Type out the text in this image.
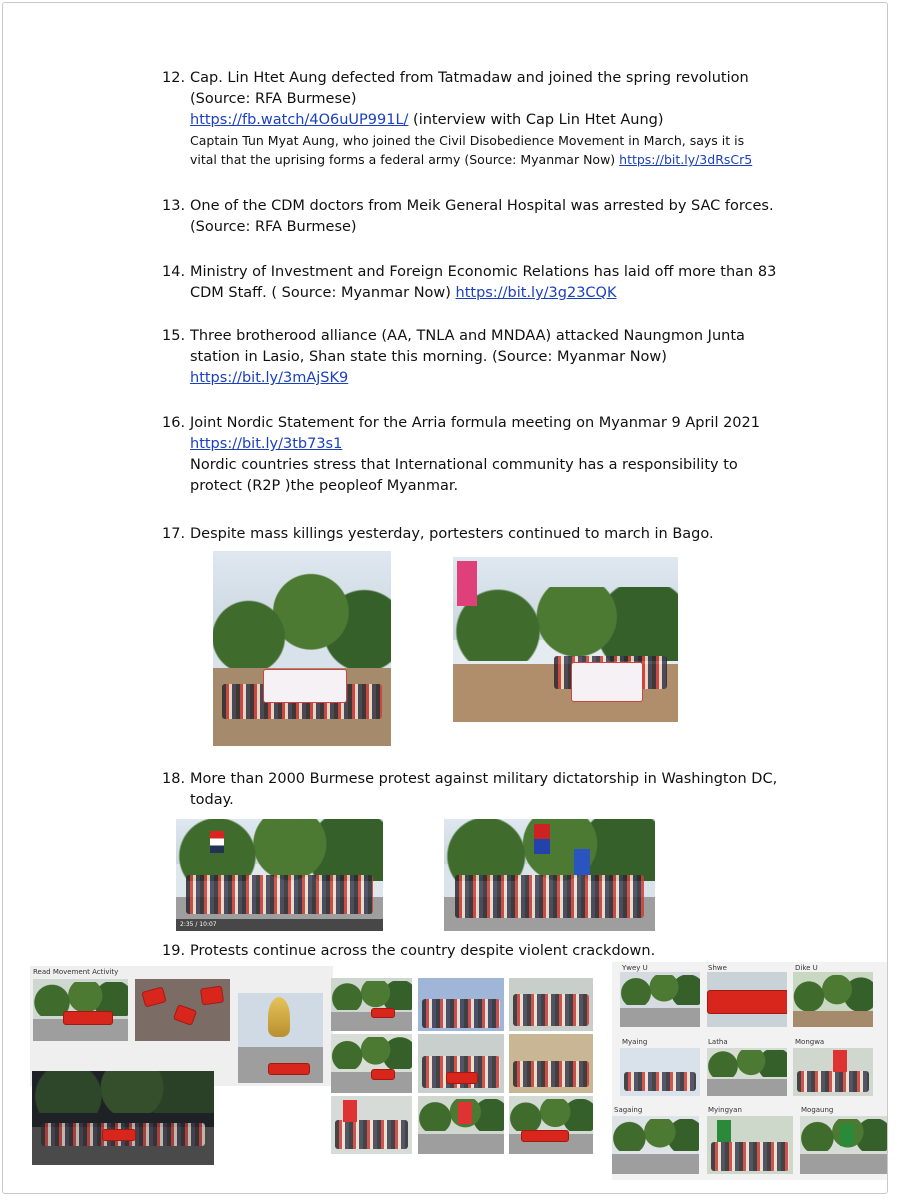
12. Cap. Lin Htet Aung defected from Tatmadaw and joined the spring revolution
(Source: RFA Burmese)
https://fb.watch/4O6uUP991L/ (interview with Cap Lin Htet Aung)
Captain Tun Myat Aung, who joined the Civil Disobedience Movement in March, says it is
vital that the uprising forms a federal army (Source: Myanmar Now) https://bit.ly/3dRsCr5
13. One of the CDM doctors from Meik General Hospital was arrested by SAC forces.
(Source: RFA Burmese)
14. Ministry of Investment and Foreign Economic Relations has laid off more than 83
CDM Staff. ( Source: Myanmar Now) https://bit.ly/3g23CQK
15. Three brotherood alliance (AA, TNLA and MNDAA) attacked Naungmon Junta
station in Lasio, Shan state this morning. (Source: Myanmar Now)
https://bit.ly/3mAjSK9
16. Joint Nordic Statement for the Arria formula meeting on Myanmar 9 April 2021
https://bit.ly/3tb73s1
Nordic countries stress that International community has a responsibility to
protect (R2P )the peopleof Myanmar.
17. Despite mass killings yesterday, portesters continued to march in Bago.
18. More than 2000 Burmese protest against military dictatorship in Washington DC,
today.
2:35 / 10:07
19. Protests continue across the country despite violent crackdown.
Read Movement Activity	Ywey U	Shwe	Dike U
Myaing	Latha	Mongwa
Sagaing	Myingyan	Mogaung
